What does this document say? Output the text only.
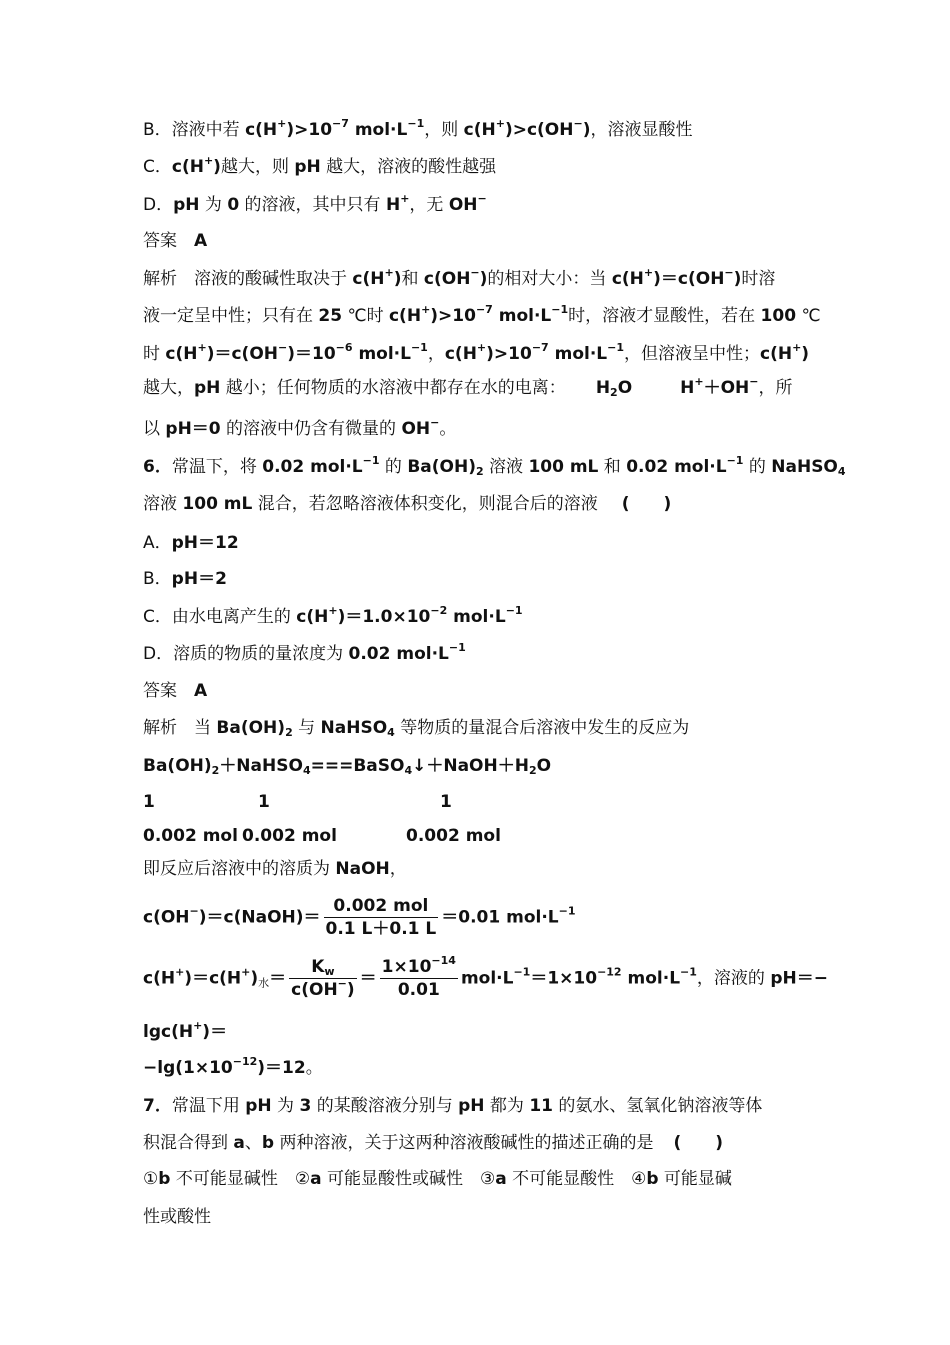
B．溶液中若 $c(H^+)>10^{-7}$ $mol\cdot L^{-1}$，则 c(H+)>c(OH−)，溶液显酸性
C．c(H+)越大，则 pH 越大，溶液的酸性越强
D．pH 为 0 的溶液，其中只有 H+，无 OH−
答案　A
解析　溶液的酸碱性取决于 c(H+)和 c(OH−)的相对大小：当 c(H+)＝c(OH−)时溶
液一定呈中性；只有在 25 ℃时 $c(H^+)>10^{-7}$ $mol\cdot L^{-1}$时，溶液才显酸性，若在 100 ℃
时 $c(H^+)=c(OH^-)=10^{-6}$ $mol\cdot L^{-1}$，$c(H^+)>10^{-7}$ $mol\cdot L^{-1}$，但溶液呈中性；c(H+)
越大，pH 越小；任何物质的水溶液中都存在水的电离： $H_2O$	H+＋OH−，所
以 pH＝0 的溶液中仍含有微量的 OH−。
6．常温下，将 0.02 $mol\cdot L^{-1}$ 的 $Ba(OH)_2$ 溶液 100 mL 和 0.02 $mol\cdot L^{-1}$ 的 NaHSO$_4$
溶液 100 mL 混合，若忽略溶液体积变化，则混合后的溶液 (　　)
A．pH＝12
B．pH＝2
C．由水电离产生的 $c(H^+)=1.0\times 10^{-2}$ $mol\cdot L^{-1}$
D．溶质的物质的量浓度为 0.02 $mol\cdot L^{-1}$
答案　A
解析　当 $Ba(OH)_2$ 与 NaHSO$_4$ 等物质的量混合后溶液中发生的反应为
$Ba(OH)_2+NaHSO_4===BaSO_4↓+NaOH+H_2O$
1	1	1
0.002 mol 0.002 mol	0.002 mol
即反应后溶液中的溶质为 NaOH，
c(OH−)＝c(NaOH)＝ $\frac{\text{0.002 mol}}{0.1 L+0.1 L} =0.01$ $mol\cdot L^{-1}$
$c(H^+)=c(H^+)_水= \frac{K_w}{c(OH^-)} = \frac{1\times 10^{-14}}{0.01} mol\cdot L^{-1}=1\times 10^{-12}$ $mol\cdot L^{-1}$，溶液的 pH＝−
lgc(H+)＝
$-\lg(1\times 10^{-12})=12$。
7．常温下用 pH 为 3 的某酸溶液分别与 pH 都为 11 的氨水、氢氧化钠溶液等体
积混合得到 a、b 两种溶液，关于这两种溶液酸碱性的描述正确的是 (　　)
①b 不可能显碱性　②a 可能显酸性或碱性　③a 不可能显酸性　④b 可能显碱
性或酸性
